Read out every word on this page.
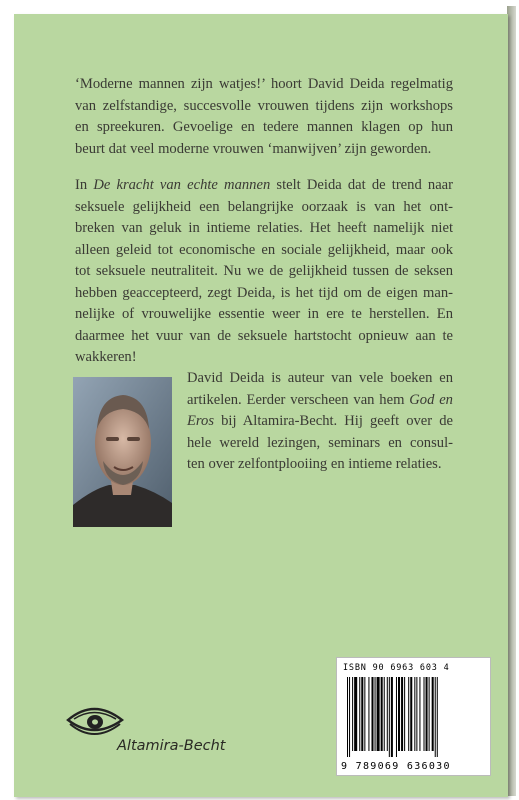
‘Moderne mannen zijn watjes!’ hoort David Deida regelmatig
van zelfstandige, succesvolle vrouwen tijdens zijn workshops
en spreekuren. Gevoelige en tedere mannen klagen op hun
beurt dat veel moderne vrouwen ‘manwijven’ zijn geworden.
In De kracht van echte mannen stelt Deida dat de trend naar
seksuele gelijkheid een belangrijke oorzaak is van het ont-
breken van geluk in intieme relaties. Het heeft namelijk niet
alleen geleid tot economische en sociale gelijkheid, maar ook
tot seksuele neutraliteit. Nu we de gelijkheid tussen de seksen
hebben geaccepteerd, zegt Deida, is het tijd om de eigen man-
nelijke of vrouwelijke essentie weer in ere te herstellen. En
daarmee het vuur van de seksuele hartstocht opnieuw aan te
wakkeren!
David Deida is auteur van vele boeken en
artikelen. Eerder verscheen van hem God en
Eros bij Altamira-Becht. Hij geeft over de
hele wereld lezingen, seminars en consul-
ten over zelfontplooiing en intieme relaties.
Altamira-Becht
ISBN 90 6963 603 4
9 789069 636030
